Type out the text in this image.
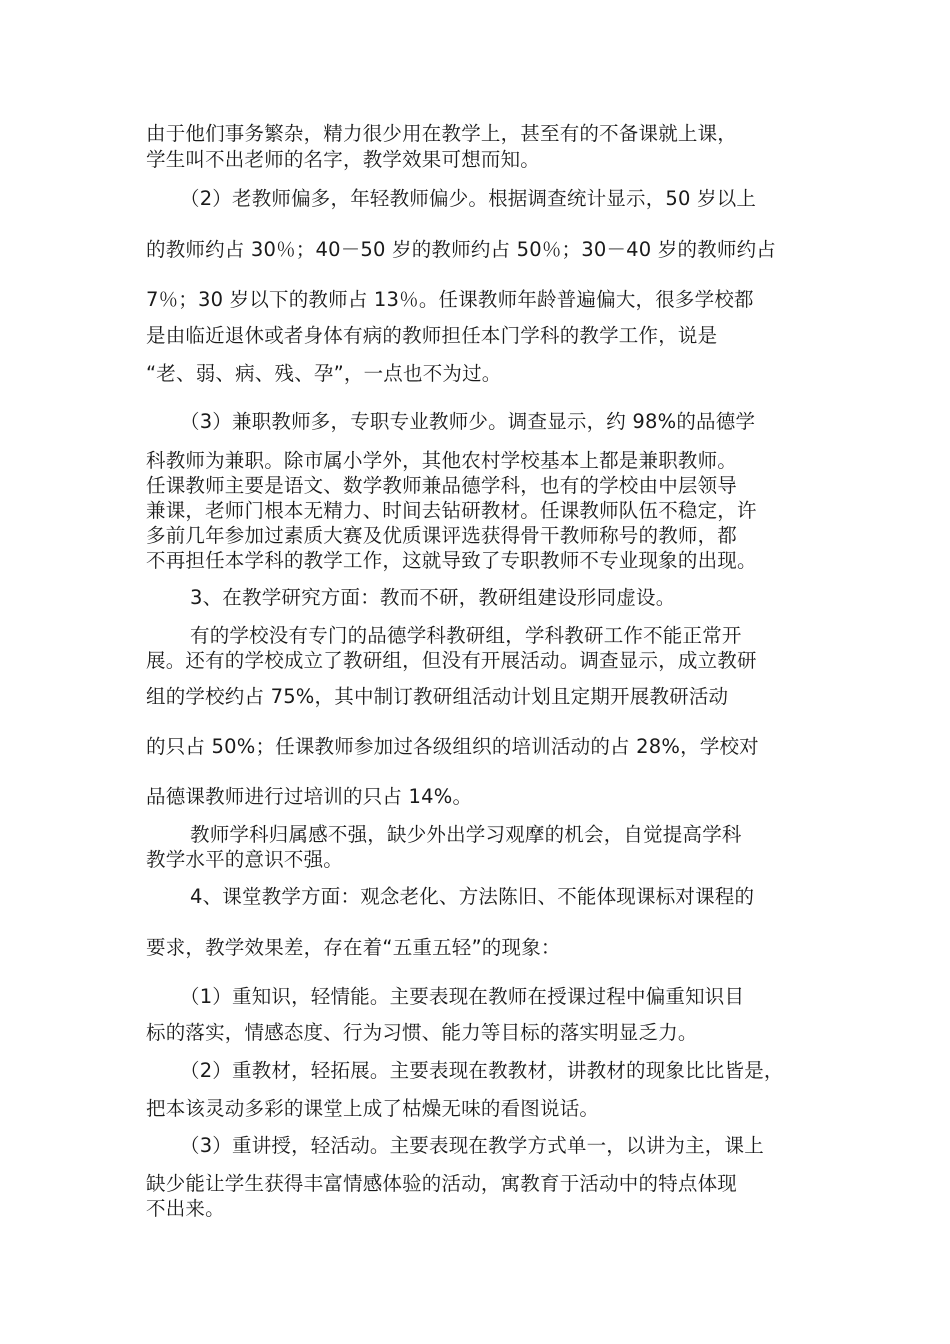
由于他们事务繁杂，精力很少用在教学上，甚至有的不备课就上课，
学生叫不出老师的名字，教学效果可想而知。
（2）老教师偏多，年轻教师偏少。根据调查统计显示，50 岁以上
的教师约占 30％；40－50 岁的教师约占 50％；30－40 岁的教师约占
7％；30 岁以下的教师占 13％。任课教师年龄普遍偏大，很多学校都
是由临近退休或者身体有病的教师担任本门学科的教学工作，说是
“老、弱、病、残、孕”，一点也不为过。
（3）兼职教师多，专职专业教师少。调查显示，约 98%的品德学
科教师为兼职。除市属小学外，其他农村学校基本上都是兼职教师。
任课教师主要是语文、数学教师兼品德学科，也有的学校由中层领导
兼课，老师门根本无精力、时间去钻研教材。任课教师队伍不稳定，许
多前几年参加过素质大赛及优质课评选获得骨干教师称号的教师，都
不再担任本学科的教学工作，这就导致了专职教师不专业现象的出现。
3、在教学研究方面：教而不研，教研组建设形同虚设。
有的学校没有专门的品德学科教研组，学科教研工作不能正常开
展。还有的学校成立了教研组，但没有开展活动。调查显示，成立教研
组的学校约占 75%，其中制订教研组活动计划且定期开展教研活动
的只占 50%；任课教师参加过各级组织的培训活动的占 28%，学校对
品德课教师进行过培训的只占 14%。
教师学科归属感不强，缺少外出学习观摩的机会，自觉提高学科
教学水平的意识不强。
4、课堂教学方面：观念老化、方法陈旧、不能体现课标对课程的
要求，教学效果差，存在着“五重五轻”的现象：
（1）重知识，轻情能。主要表现在教师在授课过程中偏重知识目
标的落实，情感态度、行为习惯、能力等目标的落实明显乏力。
（2）重教材，轻拓展。主要表现在教教材，讲教材的现象比比皆是，
把本该灵动多彩的课堂上成了枯燥无味的看图说话。
（3）重讲授，轻活动。主要表现在教学方式单一，以讲为主，课上
缺少能让学生获得丰富情感体验的活动，寓教育于活动中的特点体现
不出来。
